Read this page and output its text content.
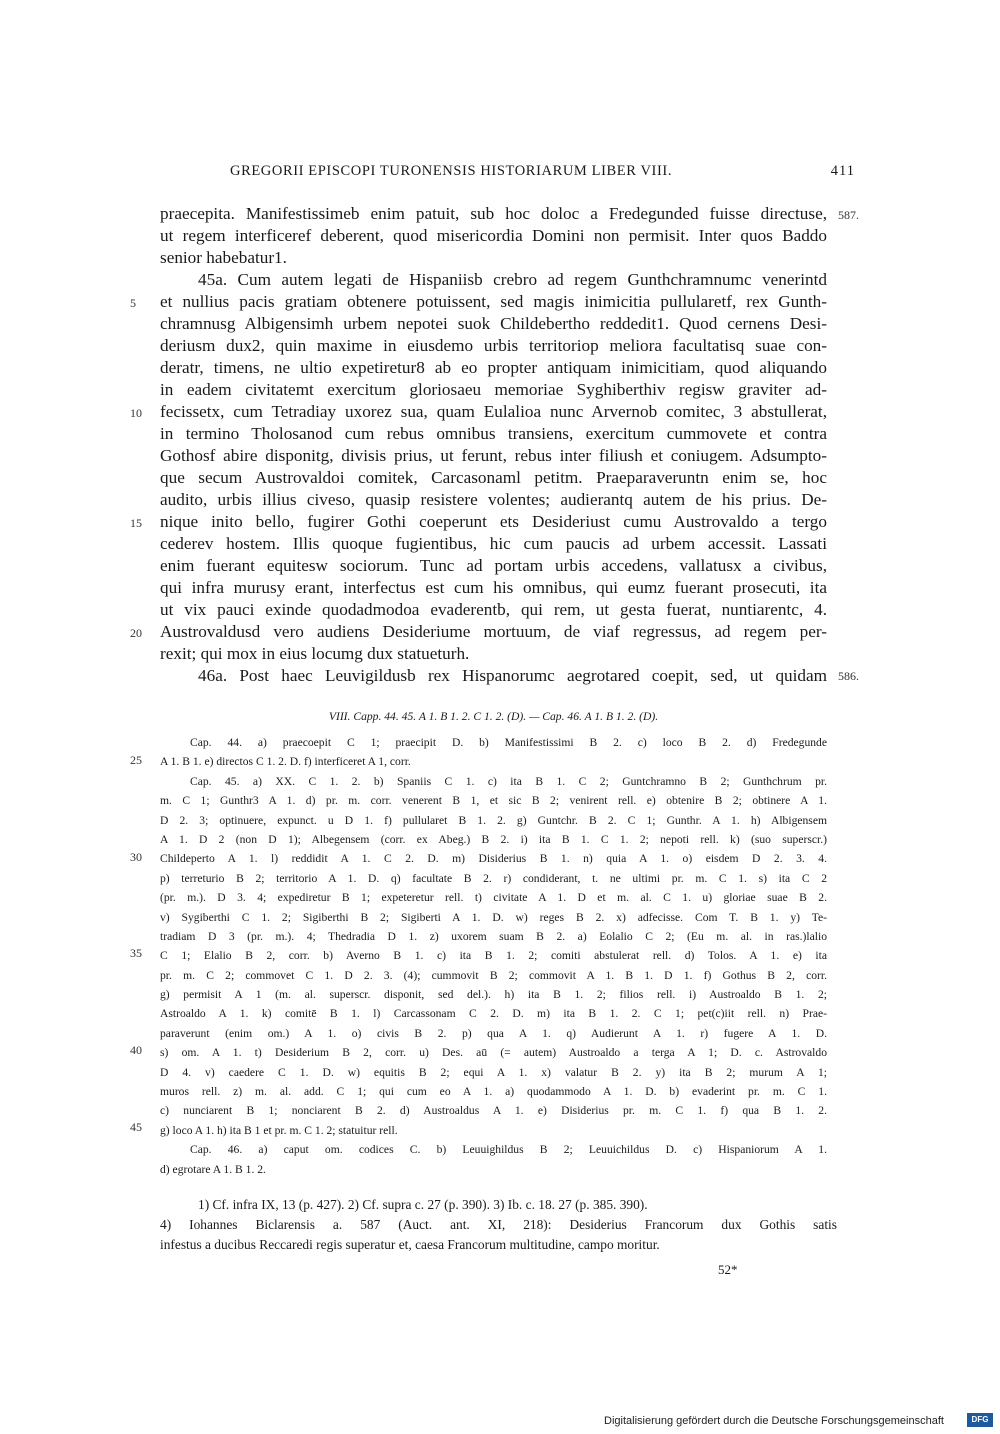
GREGORII EPISCOPI TURONENSIS HISTORIARUM LIBER VIII.	411
praecepita. Manifestissimeb enim patuit, sub hoc doloc a Fredegunded fuisse directuse,
ut regem interficeref deberent, quod misericordia Domini non permisit. Inter quos Baddo
senior habebatur1.
45a. Cum autem legati de Hispaniisb crebro ad regem Gunthchramnumc venerintd
et nullius pacis gratiam obtenere potuissent, sed magis inimicitia pullularetf, rex Gunth-
chramnusg Albigensimh urbem nepotei suok Childebertho reddedit1. Quod cernens Desi-
deriusm dux2, quin maxime in eiusdemo urbis territoriop meliora facultatisq suae con-
deratr, timens, ne ultio expetiretur8 ab eo propter antiquam inimicitiam, quod aliquando
in eadem civitatemt exercitum gloriosaeu memoriae Syghiberthiv regisw graviter ad-
fecissetx, cum Tetradiay uxorez sua, quam Eulalioa nunc Arvernob comitec, 3 abstullerat,
in termino Tholosanod cum rebus omnibus transiens, exercitum cummovete et contra
Gothosf abire disponitg, divisis prius, ut ferunt, rebus inter filiush et coniugem. Adsumpto-
que secum Austrovaldoi comitek, Carcasonaml petitm. Praeparaveruntn enim se, hoc
audito, urbis illius civeso, quasip resistere volentes; audierantq autem de his prius. De-
nique inito bello, fugirer Gothi coeperunt ets Desideriust cumu Austrovaldo a tergo
cederev hostem. Illis quoque fugientibus, hic cum paucis ad urbem accessit. Lassati
enim fuerant equitesw sociorum. Tunc ad portam urbis accedens, vallatusx a civibus,
qui infra murusy erant, interfectus est cum his omnibus, qui eumz fuerant prosecuti, ita
ut vix pauci exinde quodadmodoa evaderentb, qui rem, ut gesta fuerat, nuntiarentc, 4.
Austrovaldusd vero audiens Desideriume mortuum, de viaf regressus, ad regem per-
rexit; qui mox in eius locumg dux statueturh.
46a. Post haec Leuvigildusb rex Hispanorumc aegrotared coepit, sed, ut quidam
5
10
15
20
25
30
35
40
45
587.
586.
VIII. Capp. 44. 45. A 1. B 1. 2. C 1. 2. (D). — Cap. 46. A 1. B 1. 2. (D).
Cap. 44. a) praecoepit C 1; praecipit D. b) Manifestissimi B 2. c) loco B 2. d) Fredegunde
A 1. B 1. e) directos C 1. 2. D. f) interficeret A 1, corr.
Cap. 45. a) XX. C 1. 2. b) Spaniis C 1. c) ita B 1. C 2; Guntchramno B 2; Gunthchrum pr.
m. C 1; Gunthr3 A 1. d) pr. m. corr. venerent B 1, et sic B 2; venirent rell. e) obtenire B 2; obtinere A 1.
D 2. 3; optinuere, expunct. u D 1. f) pullularet B 1. 2. g) Guntchr. B 2. C 1; Gunthr. A 1. h) Albigensem
A 1. D 2 (non D 1); Albegensem (corr. ex Abeg.) B 2. i) ita B 1. C 1. 2; nepoti rell. k) (suo superscr.)
Childeperto A 1. l) reddidit A 1. C 2. D. m) Disiderius B 1. n) quia A 1. o) eisdem D 2. 3. 4.
p) terreturio B 2; territorio A 1. D. q) facultate B 2. r) condiderant, t. ne ultimi pr. m. C 1. s) ita C 2
(pr. m.). D 3. 4; expediretur B 1; expeteretur rell. t) civitate A 1. D et m. al. C 1. u) gloriae suae B 2.
v) Sygiberthi C 1. 2; Sigiberthi B 2; Sigiberti A 1. D. w) reges B 2. x) adfecisse. Com T. B 1. y) Te-
tradiam D 3 (pr. m.). 4; Thedradia D 1. z) uxorem suam B 2. a) Eolalio C 2; (Eu m. al. in ras.)lalio
C 1; Elalio B 2, corr. b) Averno B 1. c) ita B 1. 2; comiti abstulerat rell. d) Tolos. A 1. e) ita
pr. m. C 2; commovet C 1. D 2. 3. (4); cummovit B 2; commovit A 1. B 1. D 1. f) Gothus B 2, corr.
g) permisit A 1 (m. al. superscr. disponit, sed del.). h) ita B 1. 2; filios rell. i) Austroaldo B 1. 2;
Astroaldo A 1. k) comitē B 1. l) Carcassonam C 2. D. m) ita B 1. 2. C 1; pet(c)iit rell. n) Prae-
paraverunt (enim om.) A 1. o) civis B 2. p) qua A 1. q) Audierunt A 1. r) fugere A 1. D.
s) om. A 1. t) Desiderium B 2, corr. u) Des. aū (= autem) Austroaldo a terga A 1; D. c. Astrovaldo
D 4. v) caedere C 1. D. w) equitis B 2; equi A 1. x) valatur B 2. y) ita B 2; murum A 1;
muros rell. z) m. al. add. C 1; qui cum eo A 1. a) quodammodo A 1. D. b) evaderint pr. m. C 1.
c) nunciarent B 1; nonciarent B 2. d) Austroaldus A 1. e) Disiderius pr. m. C 1. f) qua B 1. 2.
g) loco A 1. h) ita B 1 et pr. m. C 1. 2; statuitur rell.
Cap. 46. a) caput om. codices C. b) Leuuighildus B 2; Leuuichildus D. c) Hispaniorum A 1.
d) egrotare A 1. B 1. 2.
1) Cf. infra IX, 13 (p. 427). 2) Cf. supra c. 27 (p. 390). 3) Ib. c. 18. 27 (p. 385. 390).
4) Iohannes Biclarensis a. 587 (Auct. ant. XI, 218): Desiderius Francorum dux Gothis satis
infestus a ducibus Reccaredi regis superatur et, caesa Francorum multitudine, campo moritur.
52*
Digitalisierung gefördert durch die Deutsche Forschungsgemeinschaft	DFG
